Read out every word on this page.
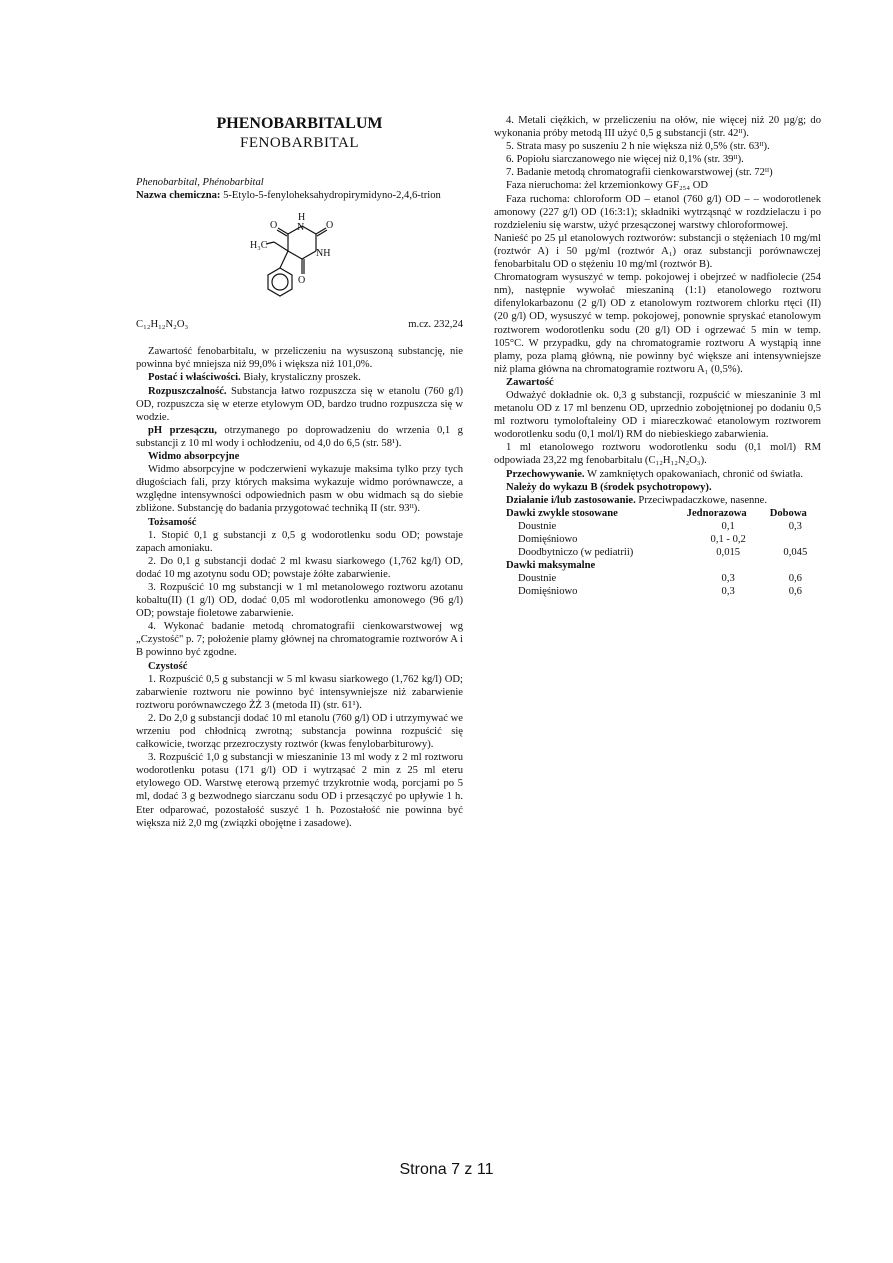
PHENOBARBITALUM

FENOBARBITAL

Phenobarbital, Phénobarbital

Nazwa chemiczna: 5-Etylo-5-fenyloheksahydropirymidyno-2,4,6-trion

H
N O
O
NH
O
H₃C
C₁₂H₁₂N₂O₃	m.cz. 232,24

Zawartość fenobarbitalu, w przeliczeniu na wysuszoną substancję, nie powinna być mniejsza niż 99,0% i większa niż 101,0%.

Postać i właściwości. Biały, krystaliczny proszek.

Rozpuszczalność. Substancja łatwo rozpuszcza się w etanolu (760 g/l) OD, rozpuszcza się w eterze etylowym OD, bardzo trudno rozpuszcza się w wodzie.

pH przesączu, otrzymanego po doprowadzeniu do wrzenia 0,1 g substancji z 10 ml wody i ochłodzeniu, od 4,0 do 6,5 (str. 58¹).

Widmo absorpcyjne

Widmo absorpcyjne w podczerwieni wykazuje maksima tylko przy tych długościach fali, przy których maksima wykazuje widmo porównawcze, a względne intensywności odpowiednich pasm w obu widmach są do siebie zbliżone. Substancję do badania przygotować techniką II (str. 93ᴵᴵ).

Tożsamość

1. Stopić 0,1 g substancji z 0,5 g wodorotlenku sodu OD; powstaje zapach amoniaku.

2. Do 0,1 g substancji dodać 2 ml kwasu siarkowego (1,762 kg/l) OD, dodać 10 mg azotynu sodu OD; powstaje żółte zabarwienie.

3. Rozpuścić 10 mg substancji w 1 ml metanolowego roztworu azotanu kobaltu(II) (1 g/l) OD, dodać 0,05 ml wodorotlenku amonowego (96 g/l) OD; powstaje fioletowe zabarwienie.

4. Wykonać badanie metodą chromatografii cienkowarstwowej wg „Czystość" p. 7; położenie plamy głównej na chromatogramie roztworów A i B powinno być zgodne.

Czystość

1. Rozpuścić 0,5 g substancji w 5 ml kwasu siarkowego (1,762 kg/l) OD; zabarwienie roztworu nie powinno być intensywniejsze niż zabarwienie roztworu porównawczego ŻŻ 3 (metoda II) (str. 61¹).

2. Do 2,0 g substancji dodać 10 ml etanolu (760 g/l) OD i utrzymywać we wrzeniu pod chłodnicą zwrotną; substancja powinna rozpuścić się całkowicie, tworząc przezroczysty roztwór (kwas fenylobarbiturowy).

3. Rozpuścić 1,0 g substancji w mieszaninie 13 ml wody z 2 ml roztworu wodorotlenku potasu (171 g/l) OD i wytrząsać 2 min z 25 ml eteru etylowego OD. Warstwę eterową przemyć trzykrotnie wodą, porcjami po 5 ml, dodać 3 g bezwodnego siarczanu sodu OD i przesączyć po upływie 1 h. Eter odparować, pozostałość suszyć 1 h. Pozostałość nie powinna być większa niż 2,0 mg (związki obojętne i zasadowe).

4. Metali ciężkich, w przeliczeniu na ołów, nie więcej niż 20 µg/g; do wykonania próby metodą III użyć 0,5 g substancji (str. 42ᴵᴵ).

5. Strata masy po suszeniu 2 h nie większa niż 0,5% (str. 63ᴵᴵ).

6. Popiołu siarczanowego nie więcej niż 0,1% (str. 39ᴵᴵ).

7. Badanie metodą chromatografii cienkowarstwowej (str. 72ᴵᴵ)

Faza nieruchoma: żel krzemionkowy GF₂₅₄ OD

Faza ruchoma: chloroform OD – etanol (760 g/l) OD – – wodorotlenek amonowy (227 g/l) OD (16:3:1); składniki wytrząsnąć w rozdzielaczu i po rozdzieleniu się warstw, użyć przesączonej warstwy chloroformowej.

Nanieść po 25 µl etanolowych roztworów: substancji o stężeniach 10 mg/ml (roztwór A) i 50 µg/ml (roztwór A₁) oraz substancji porównawczej fenobarbitalu OD o stężeniu 10 mg/ml (roztwór B).

Chromatogram wysuszyć w temp. pokojowej i obejrzeć w nadfiolecie (254 nm), następnie wywołać mieszaniną (1:1) etanolowego roztworu difenylokarbazonu (2 g/l) OD z etanolowym roztworem chlorku rtęci (II) (20 g/l) OD, wysuszyć w temp. pokojowej, ponownie spryskać etanolowym roztworem wodorotlenku sodu (20 g/l) OD i ogrzewać 5 min w temp. 105°C. W przypadku, gdy na chromatogramie roztworu A wystąpią inne plamy, poza plamą główną, nie powinny być większe ani intensywniejsze niż plama główna na chromatogramie roztworu A₁ (0,5%).

Zawartość

Odważyć dokładnie ok. 0,3 g substancji, rozpuścić w mieszaninie 3 ml metanolu OD z 17 ml benzenu OD, uprzednio zobojętnionej po dodaniu 0,5 ml roztworu tymoloftaleiny OD i miareczkować etanolowym roztworem wodorotlenku sodu (0,1 mol/l) RM do niebieskiego zabarwienia.

1 ml etanolowego roztworu wodorotlenku sodu (0,1 mol/l) RM odpowiada 23,22 mg fenobarbitalu (C₁₂H₁₂N₂O₃).

Przechowywanie. W zamkniętych opakowaniach, chronić od światła.

Należy do wykazu B (środek psychotropowy).

Działanie i/lub zastosowanie. Przeciwpadaczkowe, nasenne.

Dawki zwykle stosowane	Jednorazowa	Dobowa
Doustnie	0,1	0,3
Domięśniowo	0,1 - 0,2	
Doodbytniczo (w pediatrii)	0,015	0,045
Dawki maksymalne		
Doustnie	0,3	0,6
Domięśniowo	0,3	0,6
Strona 7 z 11
